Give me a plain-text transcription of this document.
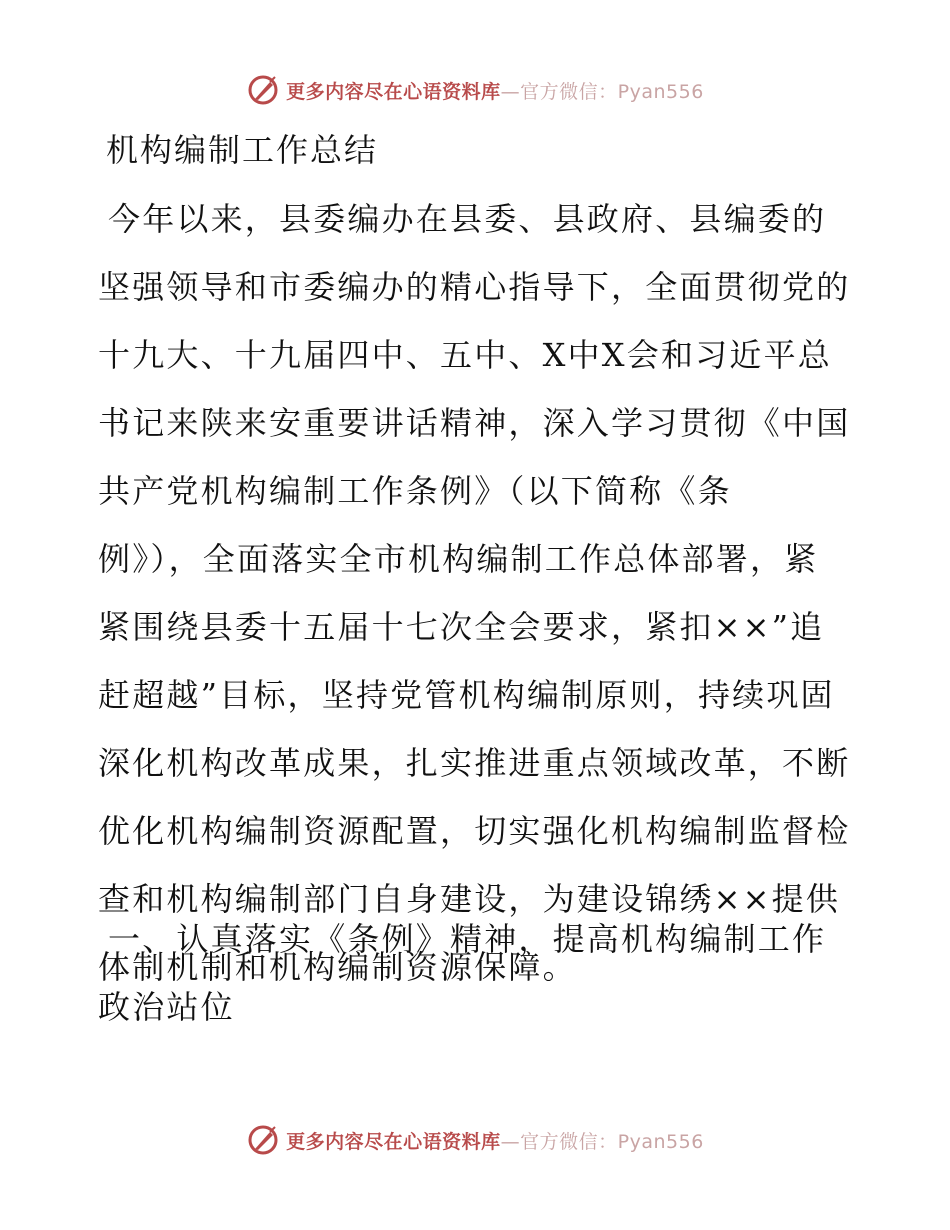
更多内容尽在心语资料库—官方微信：Pyan556
机构编制工作总结
今年以来，县委编办在县委、县政府、县编委的
坚强领导和市委编办的精心指导下，全面贯彻党的
十九大、十九届四中、五中、X中X会和习近平总
书记来陕来安重要讲话精神，深入学习贯彻《中国
共产党机构编制工作条例》（以下简称《条
例》），全面落实全市机构编制工作总体部署，紧
紧围绕县委十五届十七次全会要求，紧扣××”追
赶超越”目标，坚持党管机构编制原则，持续巩固
深化机构改革成果，扎实推进重点领域改革，不断
优化机构编制资源配置，切实强化机构编制监督检
查和机构编制部门自身建设，为建设锦绣××提供
体制机制和机构编制资源保障。
一、认真落实《条例》精神，提高机构编制工作
政治站位
更多内容尽在心语资料库—官方微信：Pyan556
